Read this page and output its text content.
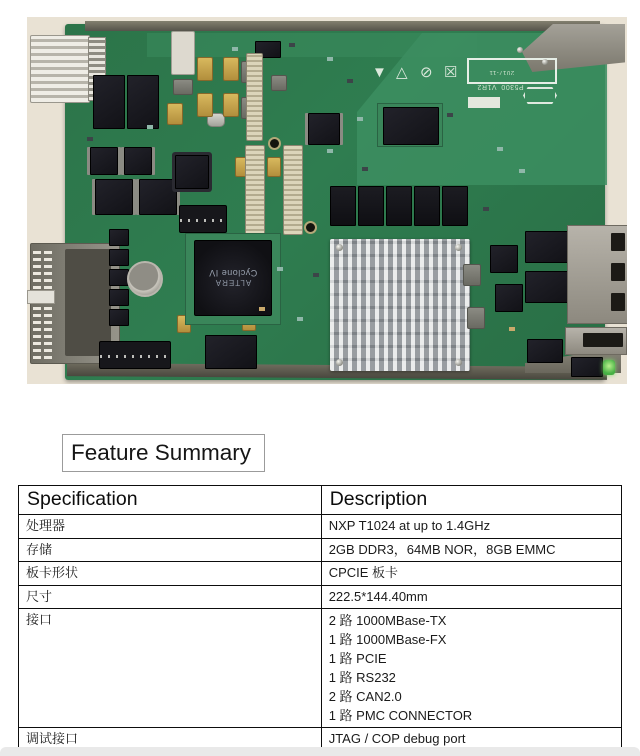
ALTERA
Cyclone IV
▼ △ ⊘ ☒
P5300_V1R2
2017-11
Feature Summary
Specification	Description
处理器	NXP T1024 at up to 1.4GHz
存储	2GB DDR3，64MB NOR，8GB EMMC
板卡形状	CPCIE 板卡
尺寸	222.5*144.40mm
接口	2 路 1000MBase-TX
1 路 1000MBase-FX
1 路 PCIE
1 路 RS232
2 路 CAN2.0
1 路 PMC CONNECTOR

调试接口	JTAG / COP debug port
